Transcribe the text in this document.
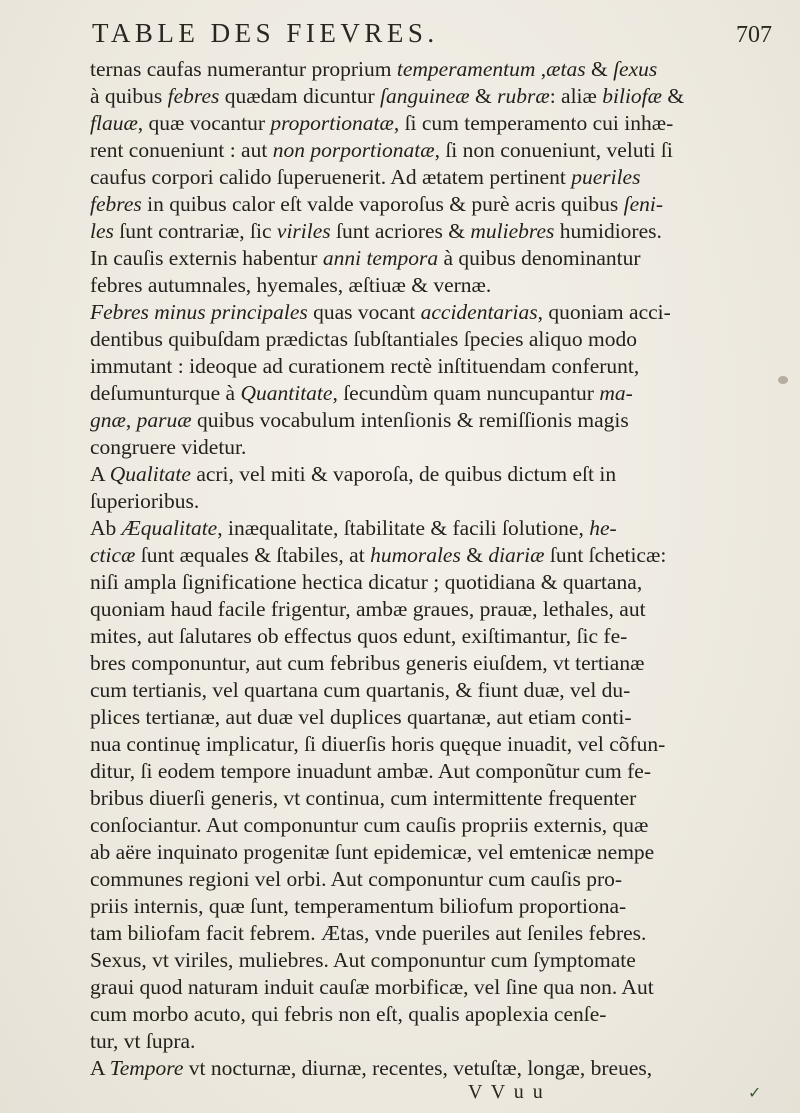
TABLE DES FIEVRES.	707
ternas caufas numerantur proprium temperamentum ,ætas & ſexus
à quibus febres quædam dicuntur ſanguineæ & rubræ: aliæ biliofæ &
flauæ, quæ vocantur proportionatæ, ſi cum temperamento cui inhæ-
rent conueniunt : aut non porportionatæ, ſi non conueniunt, veluti ſi
caufus corpori calido ſuperuenerit. Ad ætatem pertinent pueriles
febres in quibus calor eſt valde vaporoſus & purè acris quibus ſeni-
les ſunt contrariæ, ſic viriles ſunt acriores & muliebres humidiores.
In cauſis externis habentur anni tempora à quibus denominantur
febres autumnales, hyemales, æſtiuæ & vernæ.
Febres minus principales quas vocant accidentarias, quoniam acci-
dentibus quibuſdam prædictas ſubſtantiales ſpecies aliquo modo
immutant : ideoque ad curationem rectè inſtituendam conferunt,
deſumunturque à Quantitate, ſecundùm quam nuncupantur ma-
gnæ, paruæ quibus vocabulum intenſionis & remiſſionis magis
congruere videtur.
A Qualitate acri, vel miti & vaporoſa, de quibus dictum eſt in
ſuperioribus.
Ab Æqualitate, inæqualitate, ſtabilitate & facili ſolutione, he-
cticæ ſunt æquales & ſtabiles, at humorales & diariæ ſunt ſcheticæ:
niſi ampla ſignificatione hectica dicatur ; quotidiana & quartana,
quoniam haud facile frigentur, ambæ graues, prauæ, lethales, aut
mites, aut ſalutares ob effectus quos edunt, exiſtimantur, ſic fe-
bres componuntur, aut cum febribus generis eiuſdem, vt tertianæ
cum tertianis, vel quartana cum quartanis, & fiunt duæ, vel du-
plices tertianæ, aut duæ vel duplices quartanæ, aut etiam conti-
nua continuę implicatur, ſi diuerſis horis quęque inuadit, vel cõfun-
ditur, ſi eodem tempore inuadunt ambæ. Aut componũtur cum fe-
bribus diuerſi generis, vt continua, cum intermittente frequenter
conſociantur. Aut componuntur cum cauſis propriis externis, quæ
ab aëre inquinato progenitæ ſunt epidemicæ, vel emtenicæ nempe
communes regioni vel orbi. Aut componuntur cum cauſis pro-
priis internis, quæ ſunt, temperamentum biliofum proportiona-
tam biliofam facit febrem. Ætas, vnde pueriles aut ſeniles febres.
Sexus, vt viriles, muliebres. Aut componuntur cum ſymptomate
graui quod naturam induit cauſæ morbificæ, vel ſine qua non. Aut
cum morbo acuto, qui febris non eſt, qualis apoplexia cenſe-
tur, vt ſupra.
A Tempore vt nocturnæ, diurnæ, recentes, vetuſtæ, longæ, breues,
V V u u	✓
